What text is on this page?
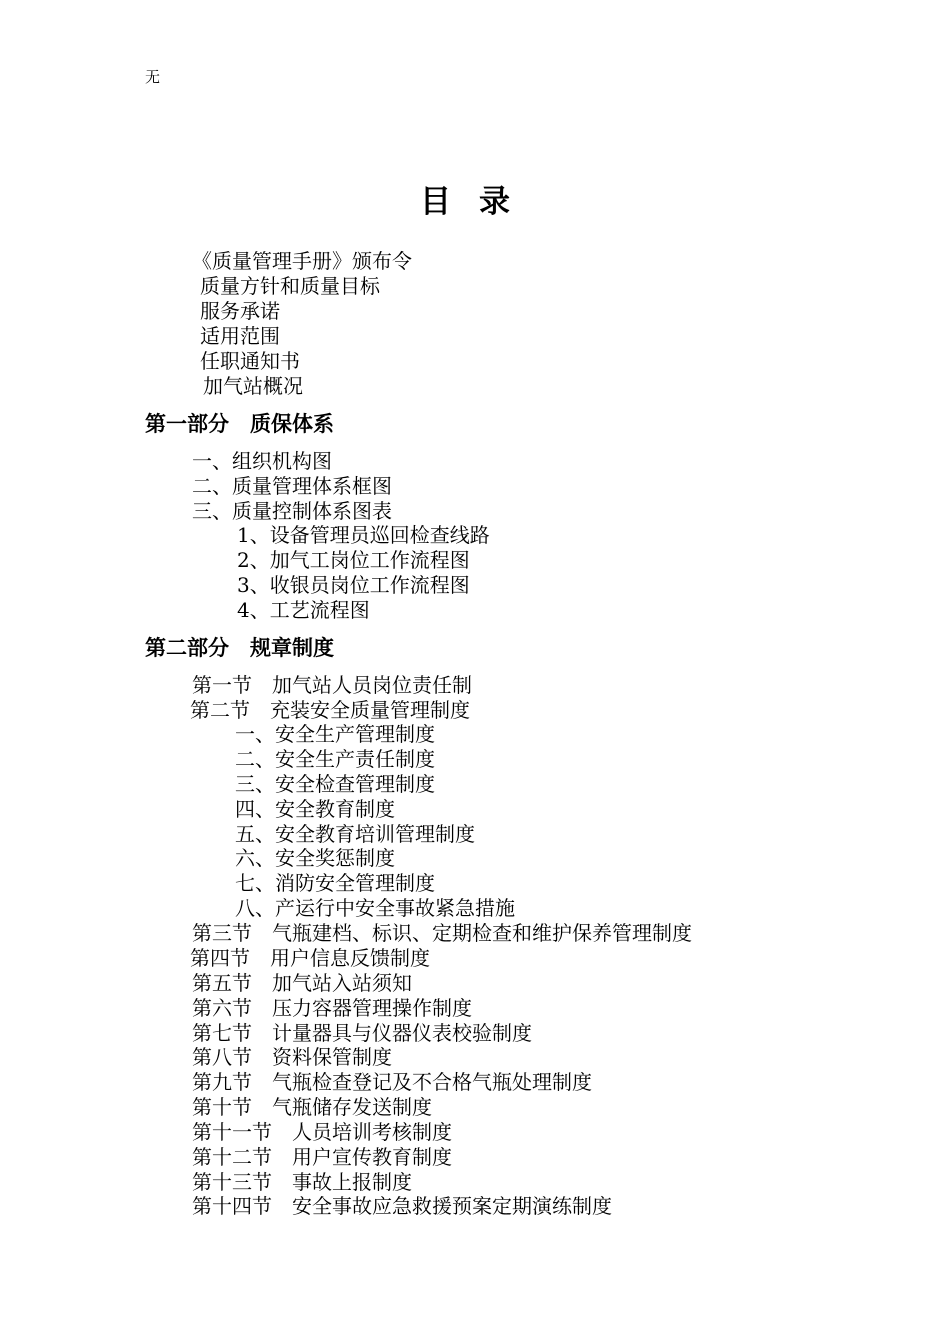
无
目录
《质量管理手册》颁布令
质量方针和质量目标
服务承诺
适用范围
任职通知书
加气站概况
第一部分　质保体系
一、组织机构图
二、质量管理体系框图
三、质量控制体系图表
1、设备管理员巡回检查线路
2、加气工岗位工作流程图
3、收银员岗位工作流程图
4、工艺流程图
第二部分　规章制度
第一节　加气站人员岗位责任制
第二节　充装安全质量管理制度
一、安全生产管理制度
二、安全生产责任制度
三、安全检查管理制度
四、安全教育制度
五、安全教育培训管理制度
六、安全奖惩制度
七、消防安全管理制度
八、产运行中安全事故紧急措施
第三节　气瓶建档、标识、定期检查和维护保养管理制度
第四节　用户信息反馈制度
第五节　加气站入站须知
第六节　压力容器管理操作制度
第七节　计量器具与仪器仪表校验制度
第八节　资料保管制度
第九节　气瓶检查登记及不合格气瓶处理制度
第十节　气瓶储存发送制度
第十一节　人员培训考核制度
第十二节　用户宣传教育制度
第十三节　事故上报制度
第十四节　安全事故应急救援预案定期演练制度
